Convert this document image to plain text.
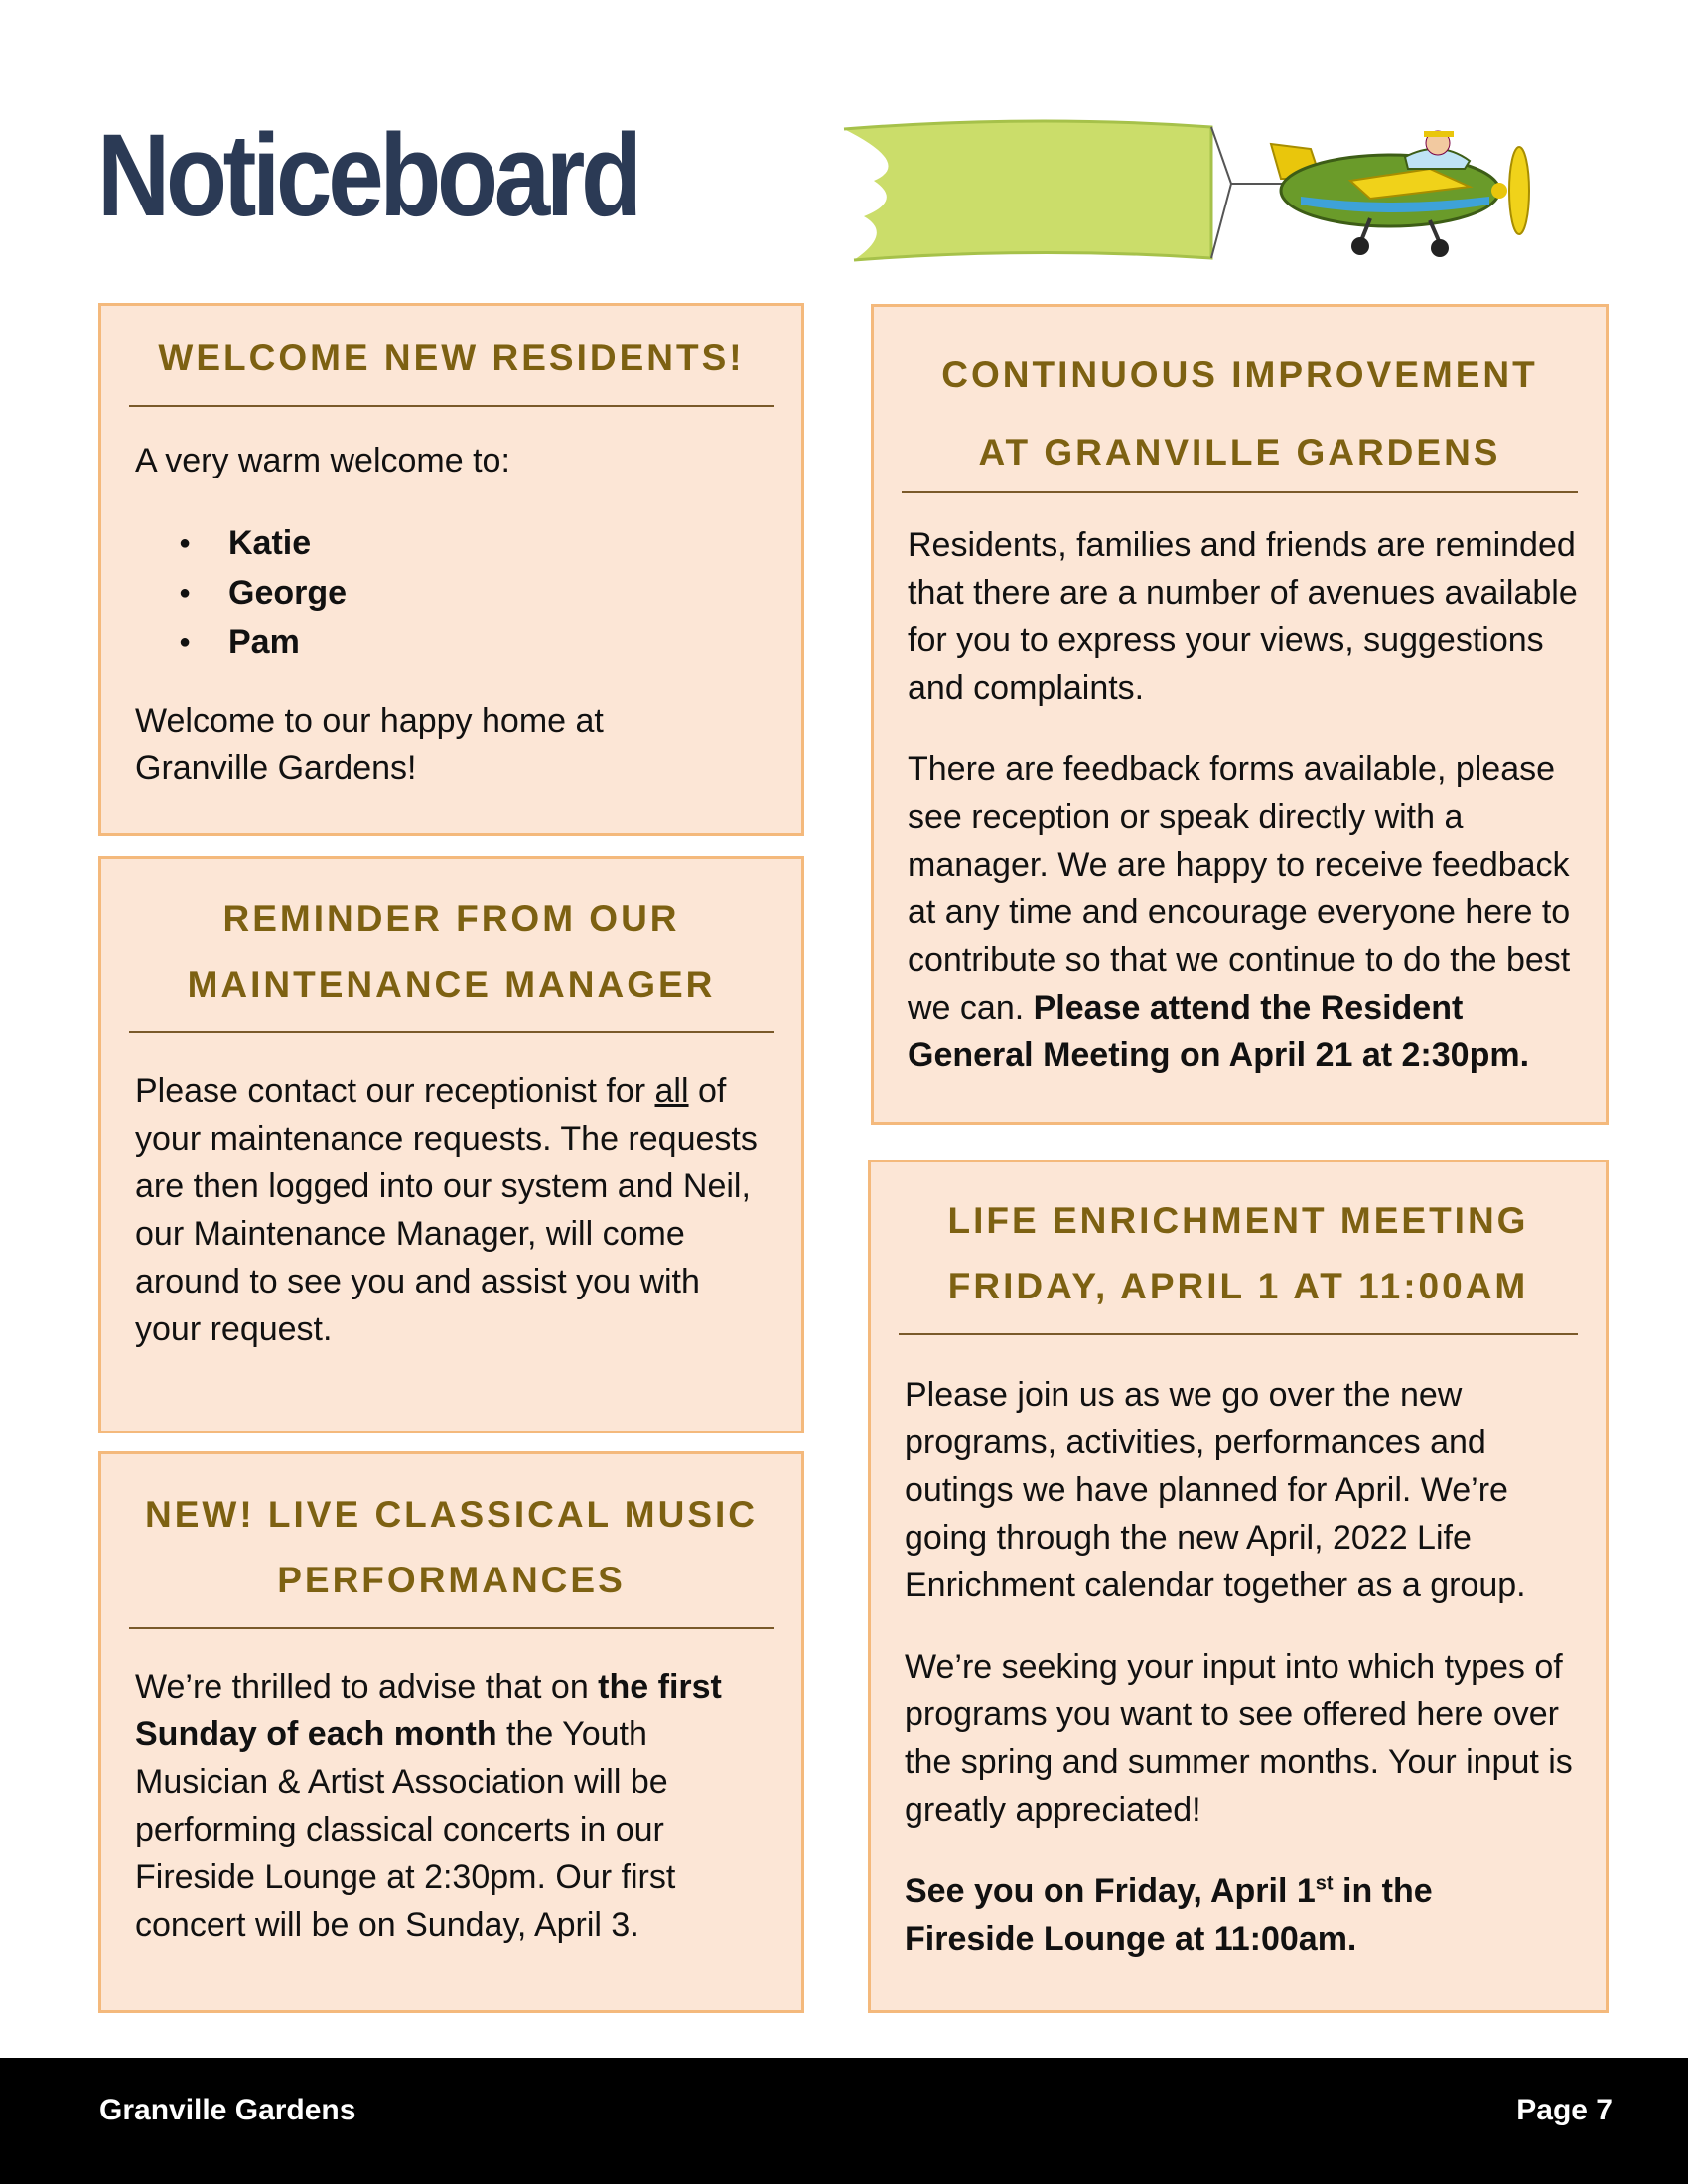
Noticeboard
WELCOME NEW RESIDENTS!

A very warm welcome to:

● Katie
● George
● Pam

Welcome to our happy home at Granville Gardens!

REMINDER FROM OUR
MAINTENANCE MANAGER

Please contact our receptionist for all of your maintenance requests. The requests are then logged into our system and Neil, our Maintenance Manager, will come around to see you and assist you with your request.

NEW! LIVE CLASSICAL MUSIC
PERFORMANCES

We’re thrilled to advise that on the first Sunday of each month the Youth Musician & Artist Association will be performing classical concerts in our Fireside Lounge at 2:30pm. Our first concert will be on Sunday, April 3.

CONTINUOUS IMPROVEMENT
AT GRANVILLE GARDENS

Residents, families and friends are reminded that there are a number of avenues available for you to express your views, suggestions and complaints.

There are feedback forms available, please see reception or speak directly with a manager. We are happy to receive feedback at any time and encourage everyone here to contribute so that we continue to do the best we can. Please attend the Resident General Meeting on April 21 at 2:30pm.

LIFE ENRICHMENT MEETING
FRIDAY, APRIL 1 AT 11:00AM

Please join us as we go over the new programs, activities, performances and outings we have planned for April. We’re going through the new April, 2022 Life Enrichment calendar together as a group.

We’re seeking your input into which types of programs you want to see offered here over the spring and summer months. Your input is greatly appreciated!

See you on Friday, April 1st in the Fireside Lounge at 11:00am.

Granville Gardens	Page 7
